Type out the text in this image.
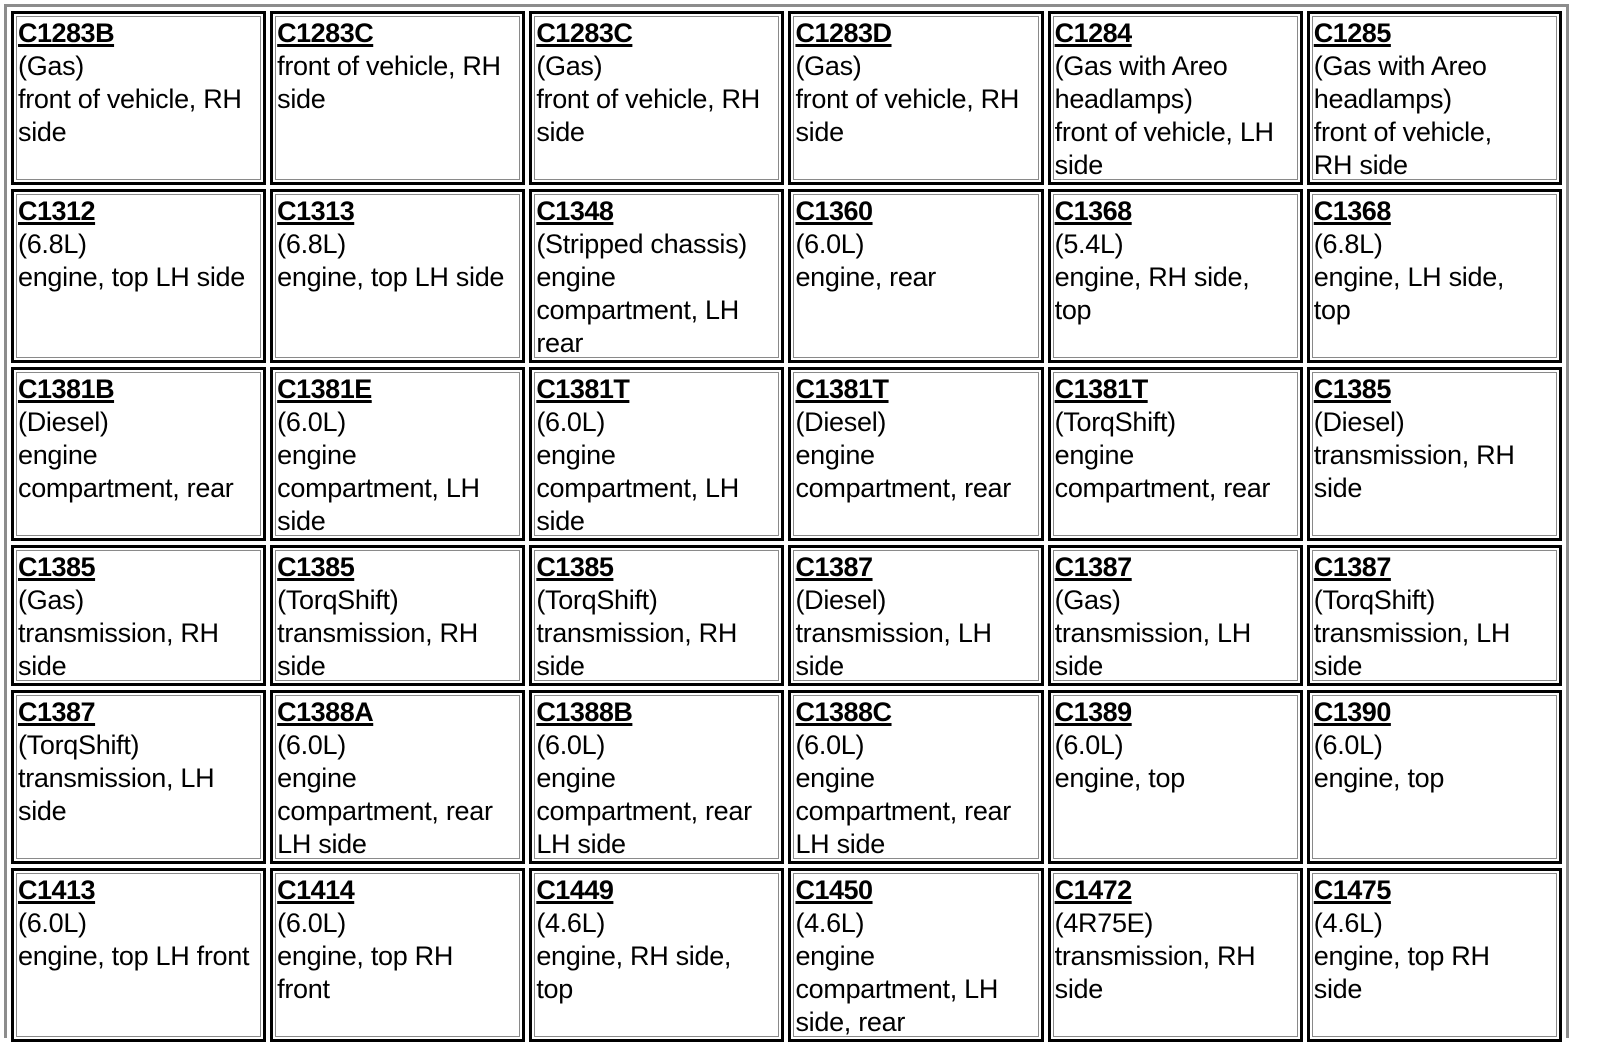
C1283B
(Gas)
front of vehicle, RH
side	C1283C
front of vehicle, RH
side	C1283C
(Gas)
front of vehicle, RH
side	C1283D
(Gas)
front of vehicle, RH
side	C1284
(Gas with Areo
headlamps)
front of vehicle, LH
side	C1285
(Gas with Areo
headlamps)
front of vehicle,
RH side

C1312
(6.8L)
engine, top LH side	C1313
(6.8L)
engine, top LH side	C1348
(Stripped chassis)
engine
compartment, LH
rear	C1360
(6.0L)
engine, rear	C1368
(5.4L)
engine, RH side,
top	C1368
(6.8L)
engine, LH side,
top

C1381B
(Diesel)
engine
compartment, rear	C1381E
(6.0L)
engine
compartment, LH
side	C1381T
(6.0L)
engine
compartment, LH
side	C1381T
(Diesel)
engine
compartment, rear	C1381T
(TorqShift)
engine
compartment, rear	C1385
(Diesel)
transmission, RH
side

C1385
(Gas)
transmission, RH
side	C1385
(TorqShift)
transmission, RH
side	C1385
(TorqShift)
transmission, RH
side	C1387
(Diesel)
transmission, LH
side	C1387
(Gas)
transmission, LH
side	C1387
(TorqShift)
transmission, LH
side

C1387
(TorqShift)
transmission, LH
side	C1388A
(6.0L)
engine
compartment, rear
LH side	C1388B
(6.0L)
engine
compartment, rear
LH side	C1388C
(6.0L)
engine
compartment, rear
LH side	C1389
(6.0L)
engine, top	C1390
(6.0L)
engine, top

C1413
(6.0L)
engine, top LH front	C1414
(6.0L)
engine, top RH
front	C1449
(4.6L)
engine, RH side,
top	C1450
(4.6L)
engine
compartment, LH
side, rear	C1472
(4R75E)
transmission, RH
side	C1475
(4.6L)
engine, top RH
side
